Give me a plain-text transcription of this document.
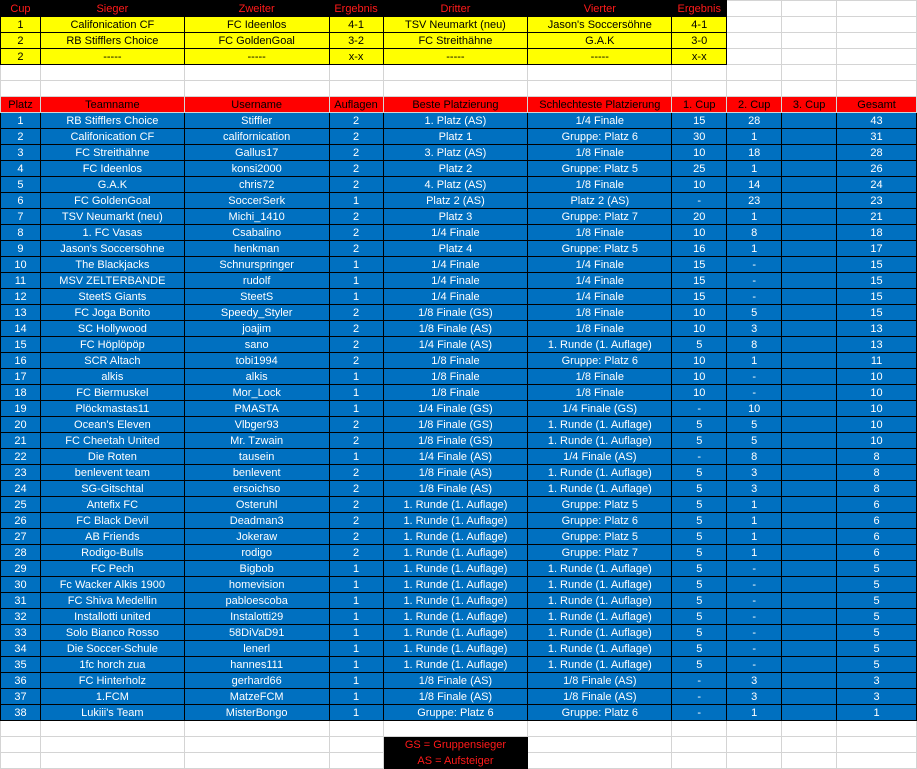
Cup	Sieger	Zweiter	Ergebnis	Dritter	Vierter	Ergebnis			
1	Califonication CF	FC Ideenlos	4-1	TSV Neumarkt (neu)	Jason's Soccersöhne	4-1			
2	RB Stifflers Choice	FC GoldenGoal	3-2	FC Streithähne	G.A.K	3-0			
2	-----	-----	x-x	-----	-----	x-x			

Platz	Teamname	Username	Auflagen	Beste Platzierung	Schlechteste Platzierung	1. Cup	2. Cup	3. Cup	Gesamt
1	RB Stifflers Choice	Stiffler	2	1. Platz (AS)	1/4 Finale	15	28		43
2	Califonication CF	californication	2	Platz 1	Gruppe: Platz 6	30	1		31
3	FC Streithähne	Gallus17	2	3. Platz (AS)	1/8 Finale	10	18		28
4	FC Ideenlos	konsi2000	2	Platz 2	Gruppe: Platz 5	25	1		26
5	G.A.K	chris72	2	4. Platz (AS)	1/8 Finale	10	14		24
6	FC GoldenGoal	SoccerSerk	1	Platz 2 (AS)	Platz 2 (AS)	-	23		23
7	TSV Neumarkt (neu)	Michi_1410	2	Platz 3	Gruppe: Platz 7	20	1		21
8	1. FC Vasas	Csabalino	2	1/4 Finale	1/8 Finale	10	8		18
9	Jason's Soccersöhne	henkman	2	Platz 4	Gruppe: Platz 5	16	1		17
10	The Blackjacks	Schnurspringer	1	1/4 Finale	1/4 Finale	15	-		15
11	MSV ZELTERBANDE	rudolf	1	1/4 Finale	1/4 Finale	15	-		15
12	SteetS Giants	SteetS	1	1/4 Finale	1/4 Finale	15	-		15
13	FC Joga Bonito	Speedy_Styler	2	1/8 Finale (GS)	1/8 Finale	10	5		15
14	SC Hollywood	joajim	2	1/8 Finale (AS)	1/8 Finale	10	3		13
15	FC Höplöpöp	sano	2	1/4 Finale (AS)	1. Runde (1. Auflage)	5	8		13
16	SCR Altach	tobi1994	2	1/8 Finale	Gruppe: Platz 6	10	1		11
17	alkis	alkis	1	1/8 Finale	1/8 Finale	10	-		10
18	FC Biermuskel	Mor_Lock	1	1/8 Finale	1/8 Finale	10	-		10
19	Plöckmastas11	PMASTA	1	1/4 Finale (GS)	1/4 Finale (GS)	-	10		10
20	Ocean's Eleven	Vlbger93	2	1/8 Finale (GS)	1. Runde (1. Auflage)	5	5		10
21	FC Cheetah United	Mr. Tzwain	2	1/8 Finale (GS)	1. Runde (1. Auflage)	5	5		10
22	Die Roten	tausein	1	1/4 Finale (AS)	1/4 Finale (AS)	-	8		8
23	benlevent team	benlevent	2	1/8 Finale (AS)	1. Runde (1. Auflage)	5	3		8
24	SG-Gitschtal	ersoichso	2	1/8 Finale (AS)	1. Runde (1. Auflage)	5	3		8
25	Antefix FC	Osteruhl	2	1. Runde (1. Auflage)	Gruppe: Platz 5	5	1		6
26	FC Black Devil	Deadman3	2	1. Runde (1. Auflage)	Gruppe: Platz 6	5	1		6
27	AB Friends	Jokeraw	2	1. Runde (1. Auflage)	Gruppe: Platz 5	5	1		6
28	Rodigo-Bulls	rodigo	2	1. Runde (1. Auflage)	Gruppe: Platz 7	5	1		6
29	FC Pech	Bigbob	1	1. Runde (1. Auflage)	1. Runde (1. Auflage)	5	-		5
30	Fc Wacker Alkis 1900	homevision	1	1. Runde (1. Auflage)	1. Runde (1. Auflage)	5	-		5
31	FC Shiva Medellin	pabloescoba	1	1. Runde (1. Auflage)	1. Runde (1. Auflage)	5	-		5
32	Installotti united	Instalotti29	1	1. Runde (1. Auflage)	1. Runde (1. Auflage)	5	-		5
33	Solo Bianco Rosso	58DiVaD91	1	1. Runde (1. Auflage)	1. Runde (1. Auflage)	5	-		5
34	Die Soccer-Schule	lenerl	1	1. Runde (1. Auflage)	1. Runde (1. Auflage)	5	-		5
35	1fc horch zua	hannes111	1	1. Runde (1. Auflage)	1. Runde (1. Auflage)	5	-		5
36	FC Hinterholz	gerhard66	1	1/8 Finale (AS)	1/8 Finale (AS)	-	3		3
37	1.FCM	MatzeFCM	1	1/8 Finale (AS)	1/8 Finale (AS)	-	3		3
38	Lukiii's Team	MisterBongo	1	Gruppe: Platz 6	Gruppe: Platz 6	-	1		1

				GS = Gruppensieger					
				AS = Aufsteiger					
